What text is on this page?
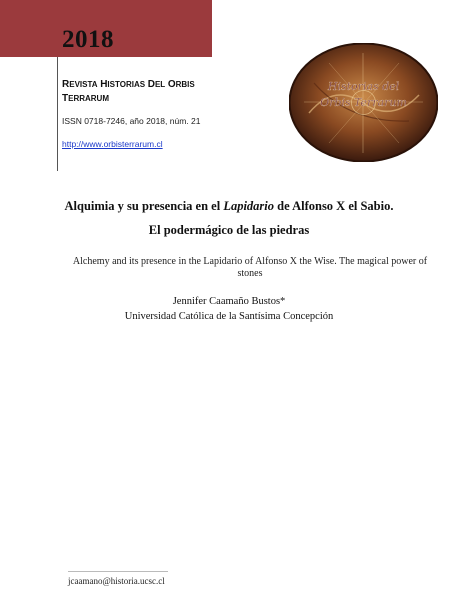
2018
REVISTA HISTORIAS DEL ORBIS
TERRARUM
ISSN 0718-7246, año 2018, núm. 21
http://www.orbisterrarum.cl
Historias del
Orbis Terrarum
Alquimia y su presencia en el Lapidario de Alfonso X el Sabio.
El podermágico de las piedras
Alchemy and its presence in the Lapidario of Alfonso X the Wise. The magical power of stones
Jennifer Caamaño Bustos*
Universidad Católica de la Santísima Concepción
jcaamano@historia.ucsc.cl
